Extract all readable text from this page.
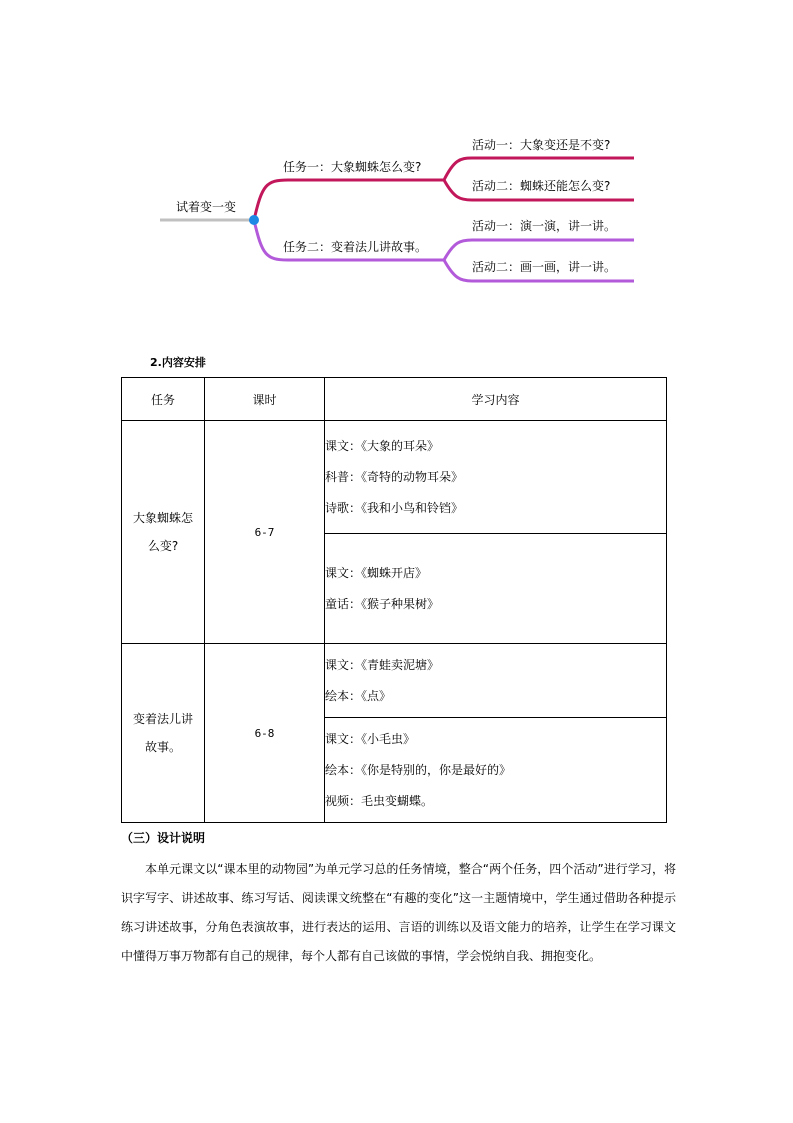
试着变一变
任务一：大象蜘蛛怎么变?
任务二：变着法儿讲故事。
活动一：大象变还是不变?
活动二：蜘蛛还能怎么变?
活动一：演一演，讲一讲。
活动二：画一画，讲一讲。
2.内容安排
任务	课时	学习内容
大象蜘蛛怎么变?	6-7	课文：《大象的耳朵》
科普：《奇特的动物耳朵》
诗歌：《我和小鸟和铃铛》

		课文：《蜘蛛开店》
童话：《猴子种果树》

变着法儿讲故事。	6-8	课文：《青蛙卖泥塘》
绘本：《点》

		课文：《小毛虫》
绘本：《你是特别的，你是最好的》
视频：毛虫变蝴蝶。
（三）设计说明

本单元课文以“课本里的动物园”为单元学习总的任务情境，整合“两个任务，四个活动”进行学习，将识字写字、讲述故事、练习写话、阅读课文统整在“有趣的变化”这一主题情境中，学生通过借助各种提示练习讲述故事，分角色表演故事，进行表达的运用、言语的训练以及语文能力的培养，让学生在学习课文中懂得万事万物都有自己的规律，每个人都有自己该做的事情，学会悦纳自我、拥抱变化。
